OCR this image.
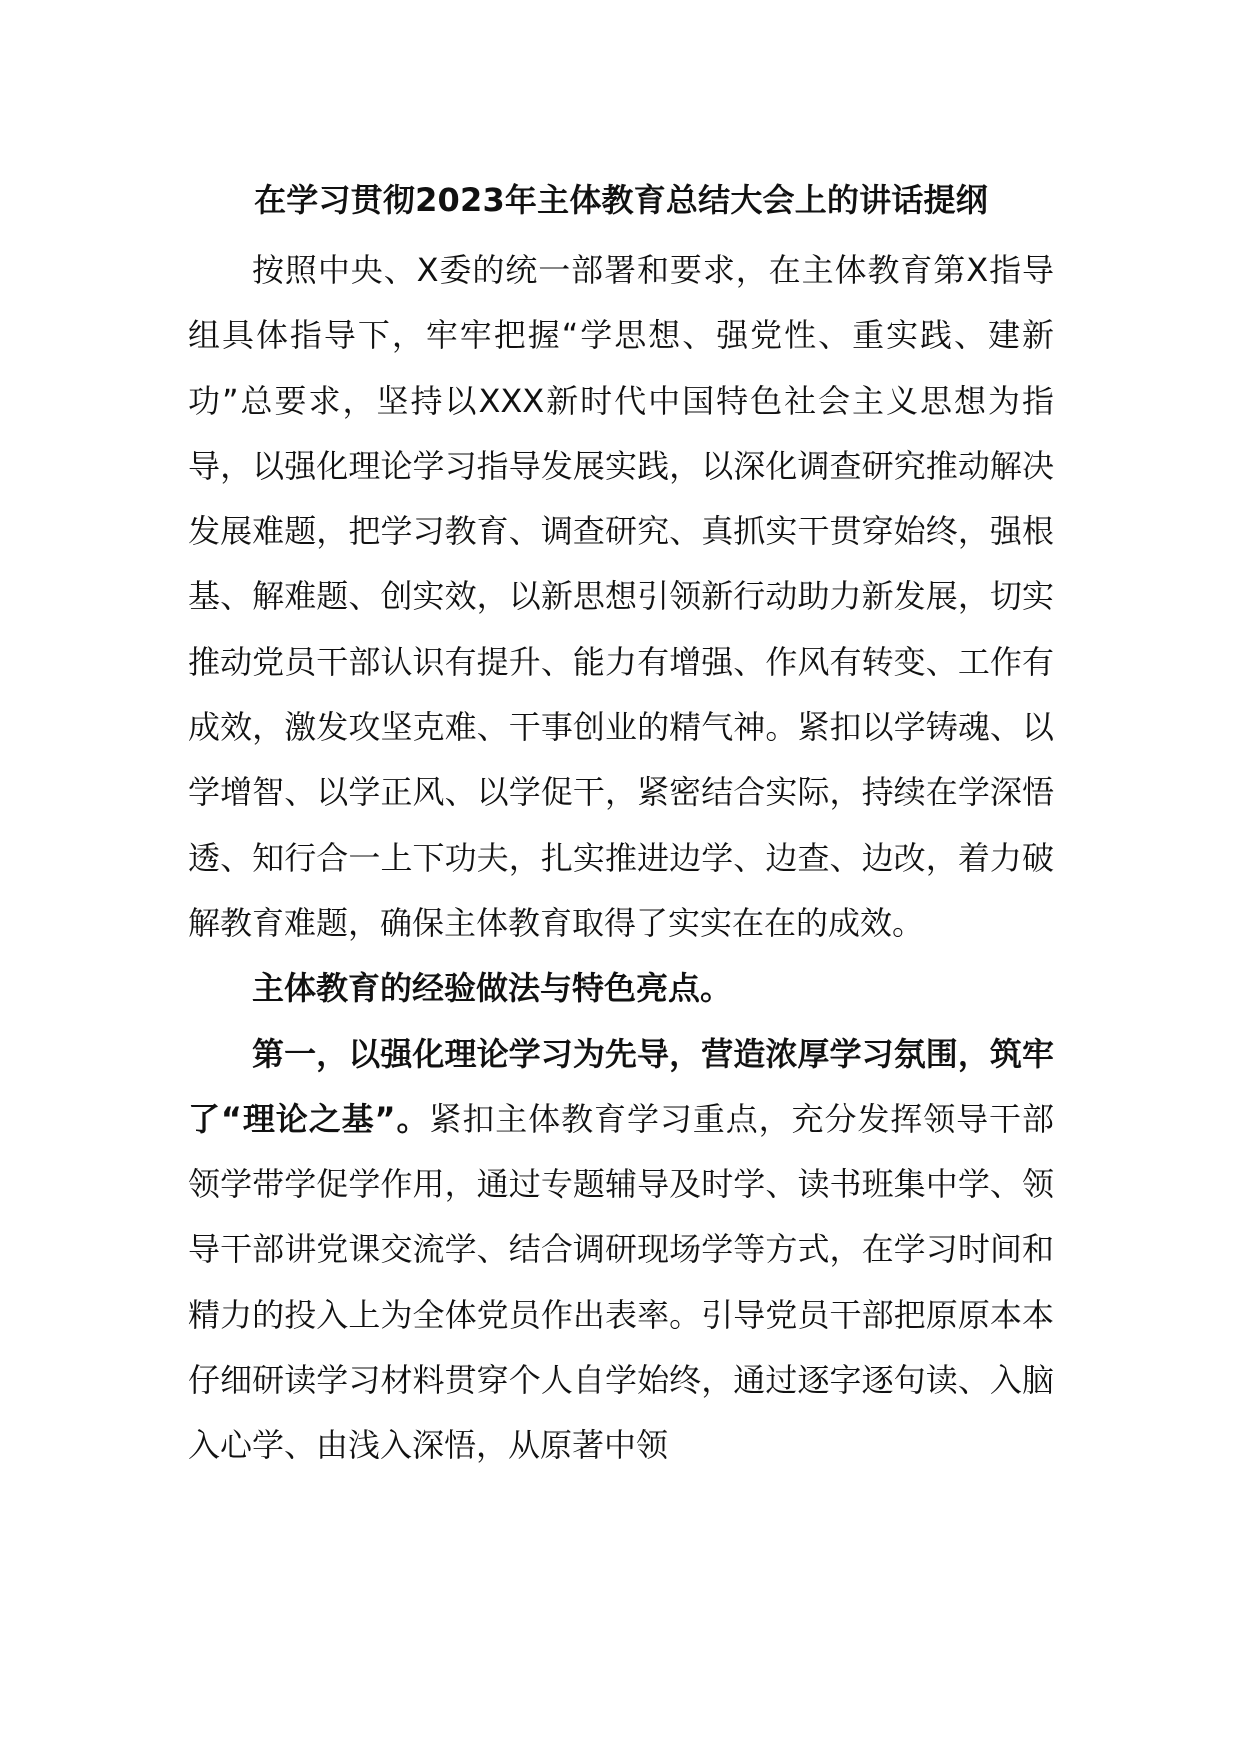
在学习贯彻2023年主体教育总结大会上的讲话提纲

按照中央、X委的统一部署和要求，在主体教育第X指导组具体指导下，牢牢把握“学思想、强党性、重实践、建新功”总要求，坚持以XXX新时代中国特色社会主义思想为指导，以强化理论学习指导发展实践，以深化调查研究推动解决发展难题，把学习教育、调查研究、真抓实干贯穿始终，强根基、解难题、创实效，以新思想引领新行动助力新发展，切实推动党员干部认识有提升、能力有增强、作风有转变、工作有成效，激发攻坚克难、干事创业的精气神。紧扣以学铸魂、以学增智、以学正风、以学促干，紧密结合实际，持续在学深悟透、知行合一上下功夫，扎实推进边学、边查、边改，着力破解教育难题，确保主体教育取得了实实在在的成效。

主体教育的经验做法与特色亮点。

第一，以强化理论学习为先导，营造浓厚学习氛围，筑牢了“理论之基”。紧扣主体教育学习重点，充分发挥领导干部领学带学促学作用，通过专题辅导及时学、读书班集中学、领导干部讲党课交流学、结合调研现场学等方式，在学习时间和精力的投入上为全体党员作出表率。引导党员干部把原原本本仔细研读学习材料贯穿个人自学始终，通过逐字逐句读、入脑入心学、由浅入深悟，从原著中领
